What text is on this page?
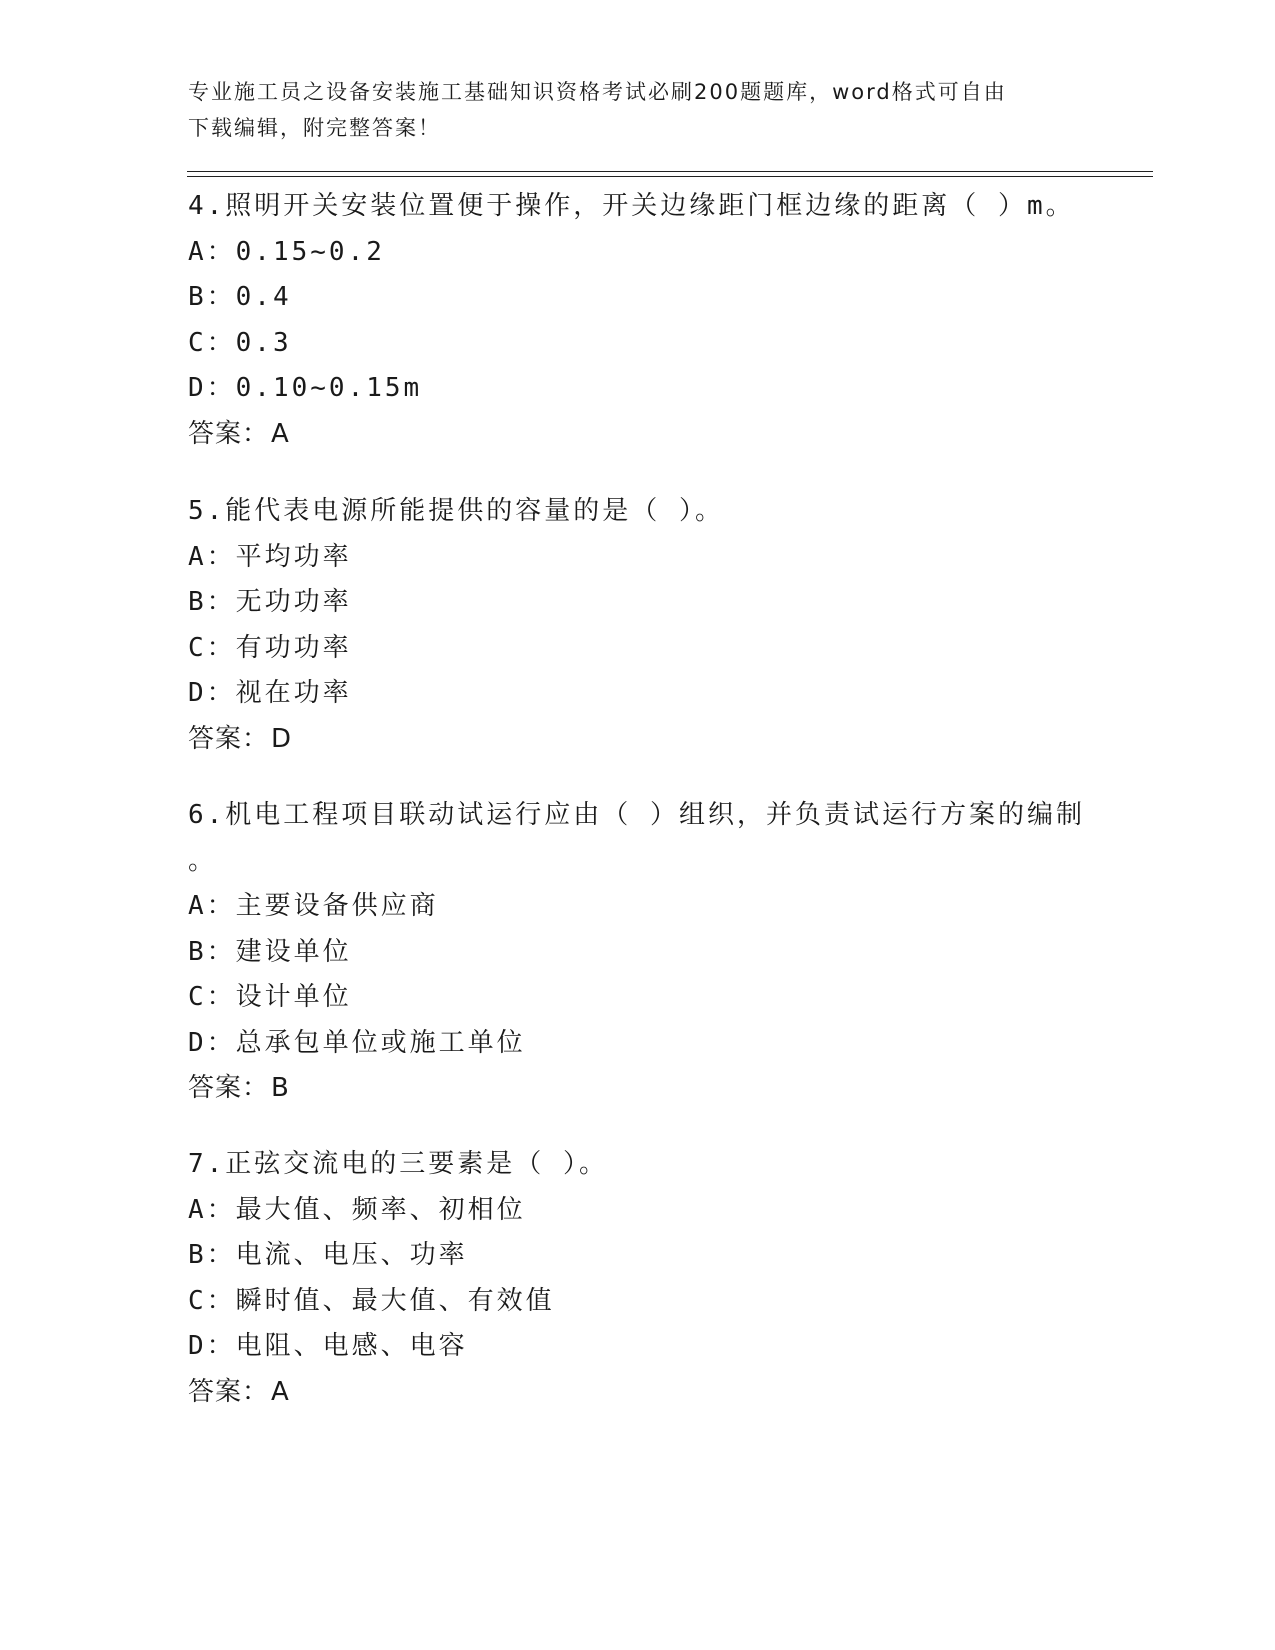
专业施工员之设备安装施工基础知识资格考试必刷200题题库，word格式可自由
下载编辑，附完整答案！

4.照明开关安装位置便于操作，开关边缘距门框边缘的距离（ ）m。

A：0.15~0.2

B：0.4

C：0.3

D：0.10~0.15m

答案：A

5.能代表电源所能提供的容量的是（ ）。

A：平均功率

B：无功功率

C：有功功率

D：视在功率

答案：D

6.机电工程项目联动试运行应由（ ）组织，并负责试运行方案的编制

。

A：主要设备供应商

B：建设单位

C：设计单位

D：总承包单位或施工单位

答案：B

7.正弦交流电的三要素是（ ）。

A：最大值、频率、初相位

B：电流、电压、功率

C：瞬时值、最大值、有效值

D：电阻、电感、电容

答案：A
